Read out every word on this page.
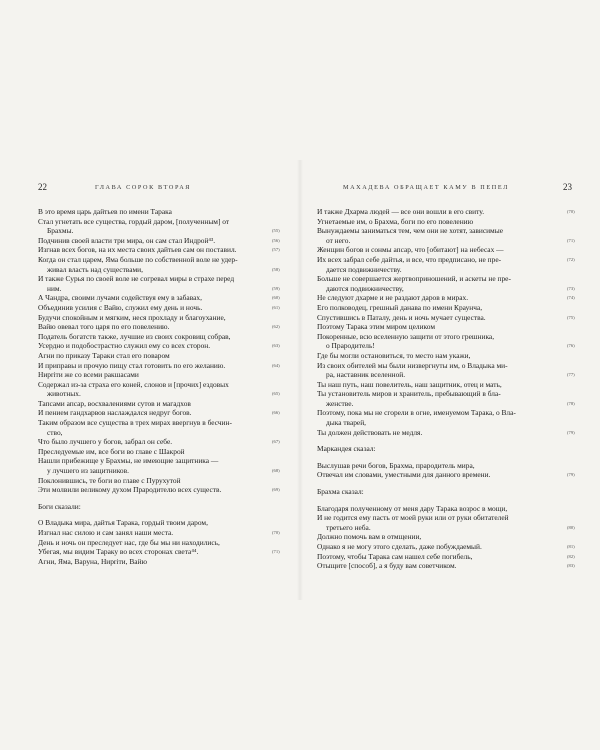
22	ГЛАВА СОРОК ВТОРАЯ
В это время царь дайтьев по имени Тарака
Стал угнетать все существа, гордый даром, [полученным] от
Брахмы.	(55)
Подчинив своей власти три мира, он сам стал Индрой⁴³.	(56)
Изгнав всех богов, на их места своих дайтьев сам он поставил.	(57)
Когда он стал царем, Яма больше по собственной воле не удер-
живал власть над существами,	(58)
И также Сурья по своей воле не согревал миры в страхе перед
ним.	(59)
А Чандра, своими лучами содействуя ему в забавах,	(60)
Объединив усилия с Вайю, служил ему день и ночь.	(61)
Будучи спокойным и мягким, неся прохладу и благоухание,
Вайю овевал того царя по его повелению.	(62)
Податель богатств также, лучшие из своих сокровищ собрав,
Усердно и подобострастно служил ему со всех сторон.	(63)
Агни по приказу Тараки стал его поваром
И приправы и прочую пищу стал готовить по его желанию.	(64)
Нирriти же со всеми ракшасами
Содержал из-за страха его коней, слонов и [прочих] ездовых
животных.	(65)
Тапсами апсар, восхвалениями сутов и магадхов
И пением гандхарвов наслаждался недруг богов.	(66)
Таким образом все существа в трех мирах ввергнув в бесчин-
ство,
Что было лучшего у богов, забрал он себе.	(67)
Преследуемые им, все боги во главе с Шакрой
Нашли прибежище у Брахмы, не имеющие защитника —
у лучшего из защитников.	(68)
Поклонившись, те боги во главе с Пурухутой
Эти молвили великому духом Прародителю всех существ.	(69)
Боги сказали:
О Владыка мира, дайтья Тарака, гордый твоим даром,
Изгнал нас силою и сам занял наши места.	(70)
День и ночь он преследует нас, где бы мы ни находились,
Убегая, мы видим Тараку во всех сторонах света⁴⁴.	(71)
Агни, Яма, Варуна, Нирriти, Вайю
МАХАДЕВА ОБРАЩАЕТ КАМУ В ПЕПЕЛ	23
И также Дхарма людей — все они вошли в его свиту.	(70)
Угнетаемые им, о Брахма, боги по его повелению
Вынуждаемы заниматься тем, чем они не хотят, зависимые
от него.	(71)
Женщин богов и сонмы апсар, что [обитают] на небесах —
Их всех забрал себе дайтья, и все, что предписано, не пре-	(72)
дается подвижничеству.
Больше не совершается жертвоприношений, и аскеты не пре-
даются подвижничеству,	(73)
Не следуют дхарме и не раздают даров в мирах.	(74)
Его полководец, грешный данава по имени Краунча,
Спустившись в Паталу, день и ночь мучает существа.	(75)
Поэтому Тарака этим миром целиком
Покоренные, всю вселенную защити от этого грешника,
о Прародитель!	(76)
Где бы могли остановиться, то место нам укажи,
Из своих обителей мы были низвергнуты им, о Владыка ми-
ра, наставник вселенной.	(77)
Ты наш путь, наш повелитель, наш защитник, отец и мать,
Ты установитель миров и хранитель, пребывающий в бла-
женстве.	(78)
Поэтому, пока мы не сгорели в огне, именуемом Тарака, о Вла-
дыка тварей,
Ты должен действовать не медля.	(79)
Маркандея сказал:
Выслушав речи богов, Брахма, прародитель мира,
Отвечал им словами, уместными для данного времени.	(79)
Брахма сказал:
Благодаря полученному от меня дару Тарака возрос в мощи,
И не годится ему пасть от моей руки или от руки обитателей
третьего неба.	(80)
Должно помочь вам в отмщении,
Однако я не могу этого сделать, даже побуждаемый.	(81)
Поэтому, чтобы Тарака сам нашел себе погибель,	(82)
Отыщите [способ], а я буду вам советчиком.	(83)
